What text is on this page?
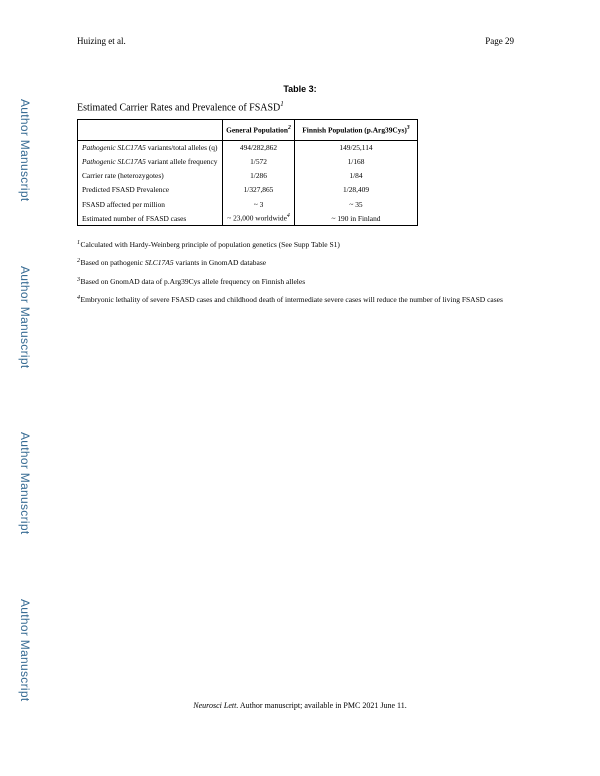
Huizing et al.	Page 29
Author Manuscript
Author Manuscript
Author Manuscript
Author Manuscript
Table 3:
Estimated Carrier Rates and Prevalence of FSASD$^1$
	General Population$^2$	Finnish Population $(p.Arg39Cys)^3$
Pathogenic SLC17A5 variants/total alleles (q)	494/282,862	149/25,114
Pathogenic SLC17A5 variant allele frequency	1/572	1/168
Carrier rate (heterozygotes)	1/286	1/84
Predicted FSASD Prevalence	1/327,865	1/28,409
FSASD affected per million	~ 3	~ 35
Estimated number of FSASD cases	~ 23,000 worldwide$^4$	~ 190 in Finland
$^1$Calculated with Hardy-Weinberg principle of population genetics (See Supp Table S1)
$^2$Based on pathogenic SLC17A5 variants in GnomAD database
$^3$Based on GnomAD data of p.Arg39Cys allele frequency on Finnish alleles
$^4$Embryonic lethality of severe FSASD cases and childhood death of intermediate severe cases will reduce the number of living FSASD cases
Neurosci Lett. Author manuscript; available in PMC 2021 June 11.
